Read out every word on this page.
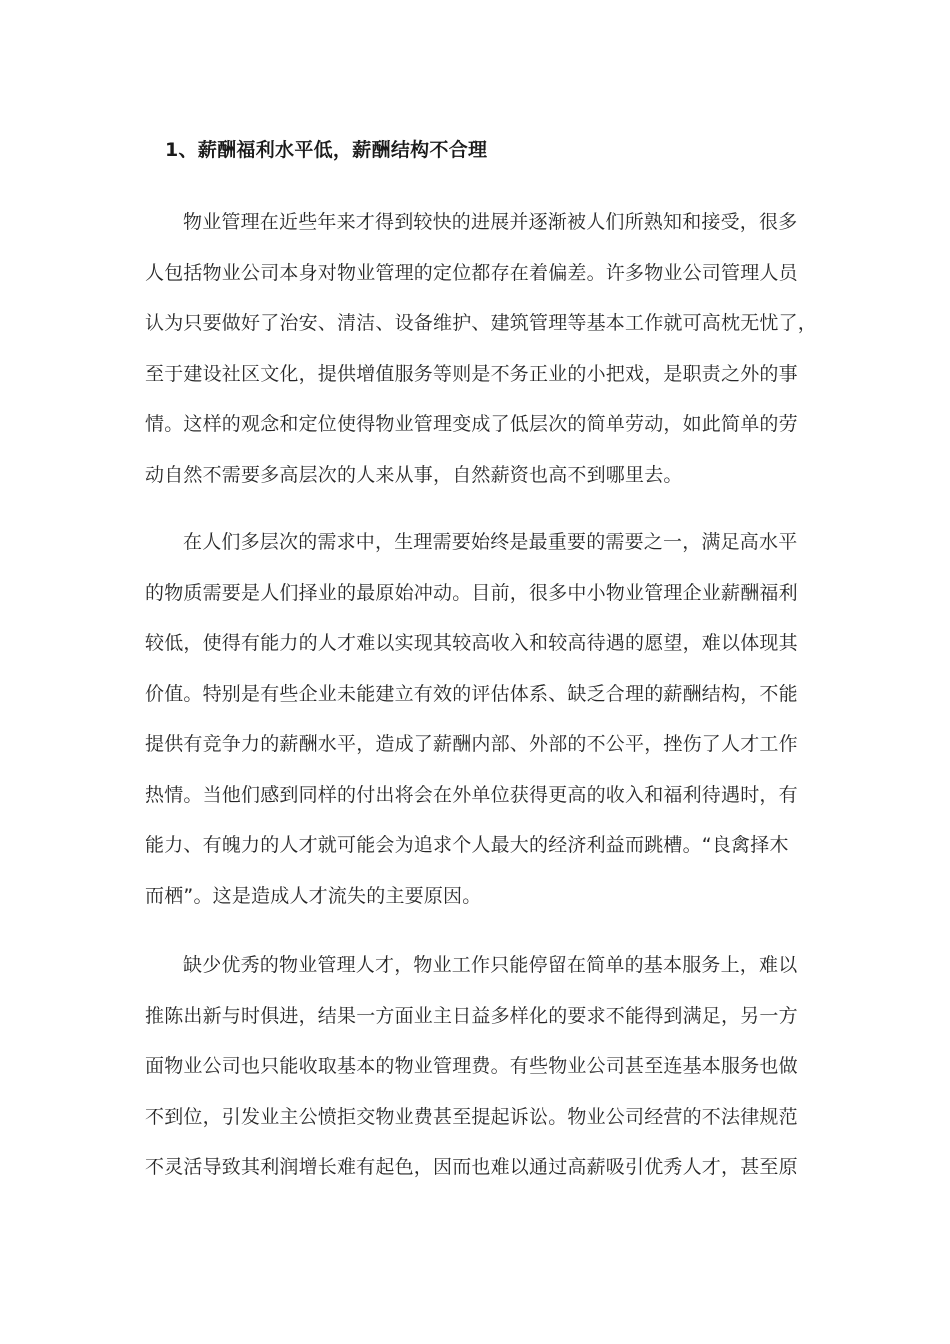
1、薪酬福利水平低，薪酬结构不合理
物业管理在近些年来才得到较快的进展并逐渐被人们所熟知和接受，很多
人包括物业公司本身对物业管理的定位都存在着偏差。许多物业公司管理人员
认为只要做好了治安、清洁、设备维护、建筑管理等基本工作就可高枕无忧了，
至于建设社区文化，提供增值服务等则是不务正业的小把戏，是职责之外的事
情。这样的观念和定位使得物业管理变成了低层次的简单劳动，如此简单的劳
动自然不需要多高层次的人来从事，自然薪资也高不到哪里去。
在人们多层次的需求中，生理需要始终是最重要的需要之一，满足高水平
的物质需要是人们择业的最原始冲动。目前，很多中小物业管理企业薪酬福利
较低，使得有能力的人才难以实现其较高收入和较高待遇的愿望，难以体现其
价值。特别是有些企业未能建立有效的评估体系、缺乏合理的薪酬结构，不能
提供有竞争力的薪酬水平，造成了薪酬内部、外部的不公平，挫伤了人才工作
热情。当他们感到同样的付出将会在外单位获得更高的收入和福利待遇时，有
能力、有魄力的人才就可能会为追求个人最大的经济利益而跳槽。“良禽择木
而栖”。这是造成人才流失的主要原因。
缺少优秀的物业管理人才，物业工作只能停留在简单的基本服务上，难以
推陈出新与时俱进，结果一方面业主日益多样化的要求不能得到满足，另一方
面物业公司也只能收取基本的物业管理费。有些物业公司甚至连基本服务也做
不到位，引发业主公愤拒交物业费甚至提起诉讼。物业公司经营的不法律规范
不灵活导致其利润增长难有起色，因而也难以通过高薪吸引优秀人才，甚至原
